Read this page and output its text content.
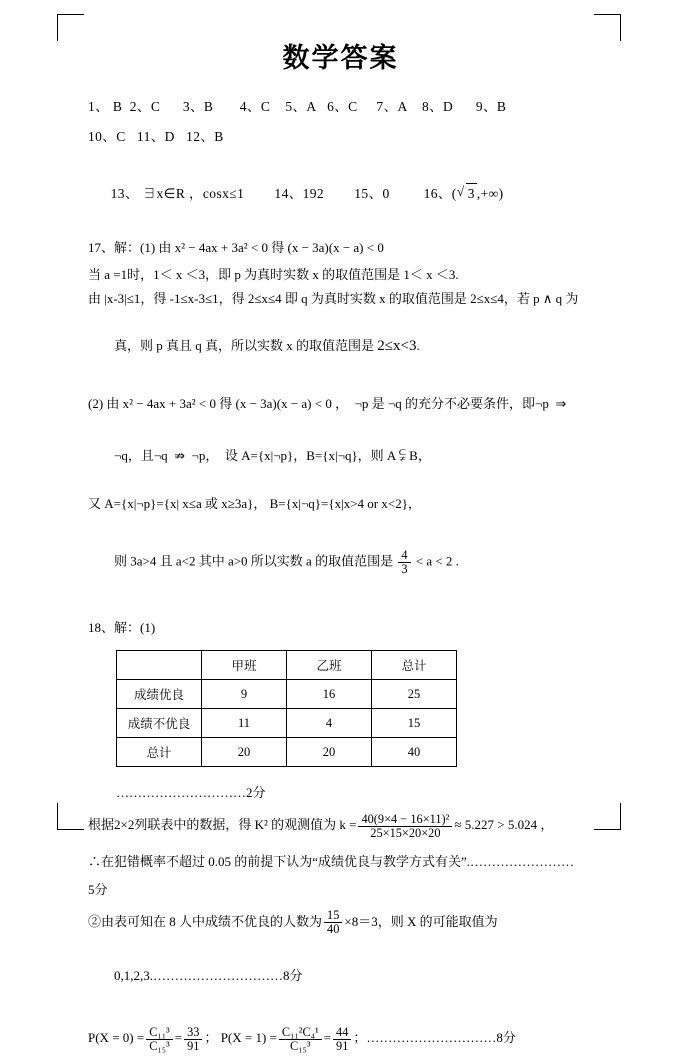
数学答案

1、 B  2、C      3、B       4、C    5、A   6、C     7、A    8、D      9、B

10、C   11、D   12、B

13、 ∃x∈R ，cosx≤1        14、192        15、0         16、( √ 3 ,+∞)

17、解：(1) 由 x² − 4ax + 3a² < 0 得 (x − 3a)(x − a) < 0

当 a =1时，1＜ x ＜3，即 p 为真时实数 x 的取值范围是 1＜ x ＜3.

由 |x-3|≤1，得 -1≤x-3≤1，得 2≤x≤4 即 q 为真时实数 x 的取值范围是 2≤x≤4，若 p ∧ q 为

真，则 p 真且 q 真，所以实数 x 的取值范围是 2≤x<3.

(2) 由 x² − 4ax + 3a² < 0 得 (x − 3a)(x − a) < 0 ，  ¬p 是 ¬q 的充分不必要条件，即¬p  ⇒

¬q，且¬q  ⇏  ¬p，  设 A={x|¬p}，B={x|¬q}，则 A ⫋ B，

又 A={x|¬p}={x| x≤a 或 x≥3a}， B={x|¬q}={x|x>4 or x<2}，

则 3a>4 且 a<2 其中 a>0 所以实数 a 的取值范围是 $\frac{4}{3} < a < 2$ .

18、解：(1)

	甲班	乙班	总计
成绩优良	9	16	25
成绩不优良	11	4	15
总计	20	20	40

…………………………2分

根据2×2列联表中的数据，得 K² 的观测值为 $k = \frac{\text{40(9×4 − 16×11)²}}{25\times 15\times 20\times 20} \approx 5.227 > 5.024$ ，

∴在犯错概率不超过 0.05 的前提下认为“成绩优良与教学方式有关”.……………………

5分

②由表可知在 8 人中成绩不优良的人数为 $\frac{15}{40} \times 8=3$，则 X 的可能取值为

0,1,2,3.…………………………8分

$P(X = 0) = \frac{\text{C₁₁³}}{\text{C₁₅³}} = \frac{33}{91}$ ； $P(X = 1) = \frac{\text{C₁₁²C₄¹}}{\text{C₁₅³}} = \frac{44}{91}$ ；…………………………8分
